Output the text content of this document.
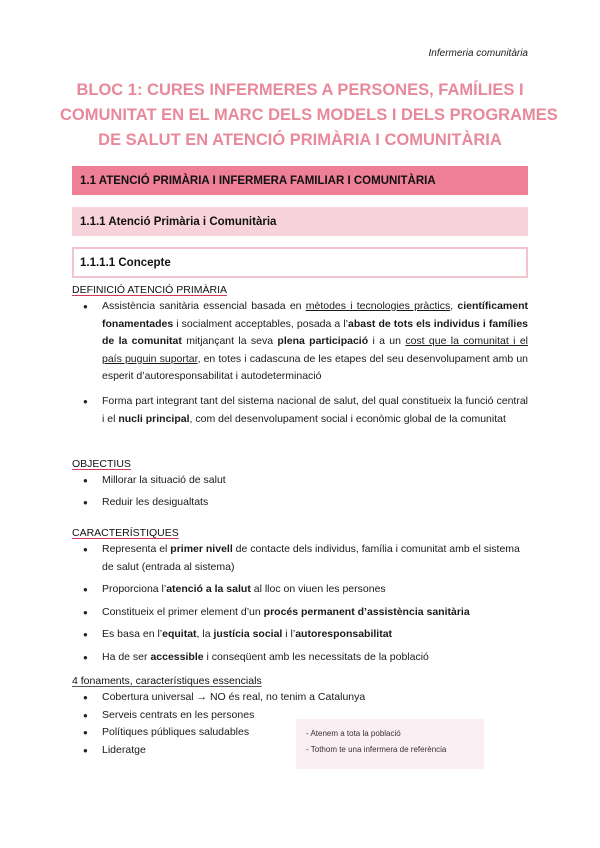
Infermeria comunitària
BLOC 1: CURES INFERMERES A PERSONES, FAMÍLIES I
COMUNITAT EN EL MARC DELS MODELS I DELS PROGRAMES
DE SALUT EN ATENCIÓ PRIMÀRIA I COMUNITÀRIA
1.1 ATENCIÓ PRIMÀRIA I INFERMERA FAMILIAR I COMUNITÀRIA
1.1.1 Atenció Primària i Comunitària
1.1.1.1 Concepte
DEFINICIÓ ATENCIÓ PRIMÀRIA
● Assistència sanitària essencial basada en mètodes i tecnologies pràctics, científicament fonamentades i socialment acceptables, posada a l’abast de tots els individus i famílies de la comunitat mitjançant la seva plena participació i a un cost que la comunitat i el país puguin suportar, en totes i cadascuna de les etapes del seu desenvolupament amb un esperit d’autoresponsabilitat i autodeterminació
● Forma part integrant tant del sistema nacional de salut, del qual constitueix la funció central i el nucli principal, com del desenvolupament social i econòmic global de la comunitat
OBJECTIUS
● Millorar la situació de salut
● Reduir les desigualtats
CARACTERÍSTIQUES
● Representa el primer nivell de contacte dels individus, família i comunitat amb el sistema de salut (entrada al sistema)
● Proporciona l’atenció a la salut al lloc on viuen les persones
● Constitueix el primer element d’un procés permanent d’assistència sanitària
● Es basa en l’equitat, la justícia social i l’autoresponsabilitat
● Ha de ser accessible i conseqüent amb les necessitats de la població
4 fonaments, característiques essencials
● Cobertura universal → NO és real, no tenim a Catalunya
● Serveis centrats en les persones
● Polítiques públiques saludables
● Lideratge
- Atenem a tota la població
- Tothom te una infermera de referència
